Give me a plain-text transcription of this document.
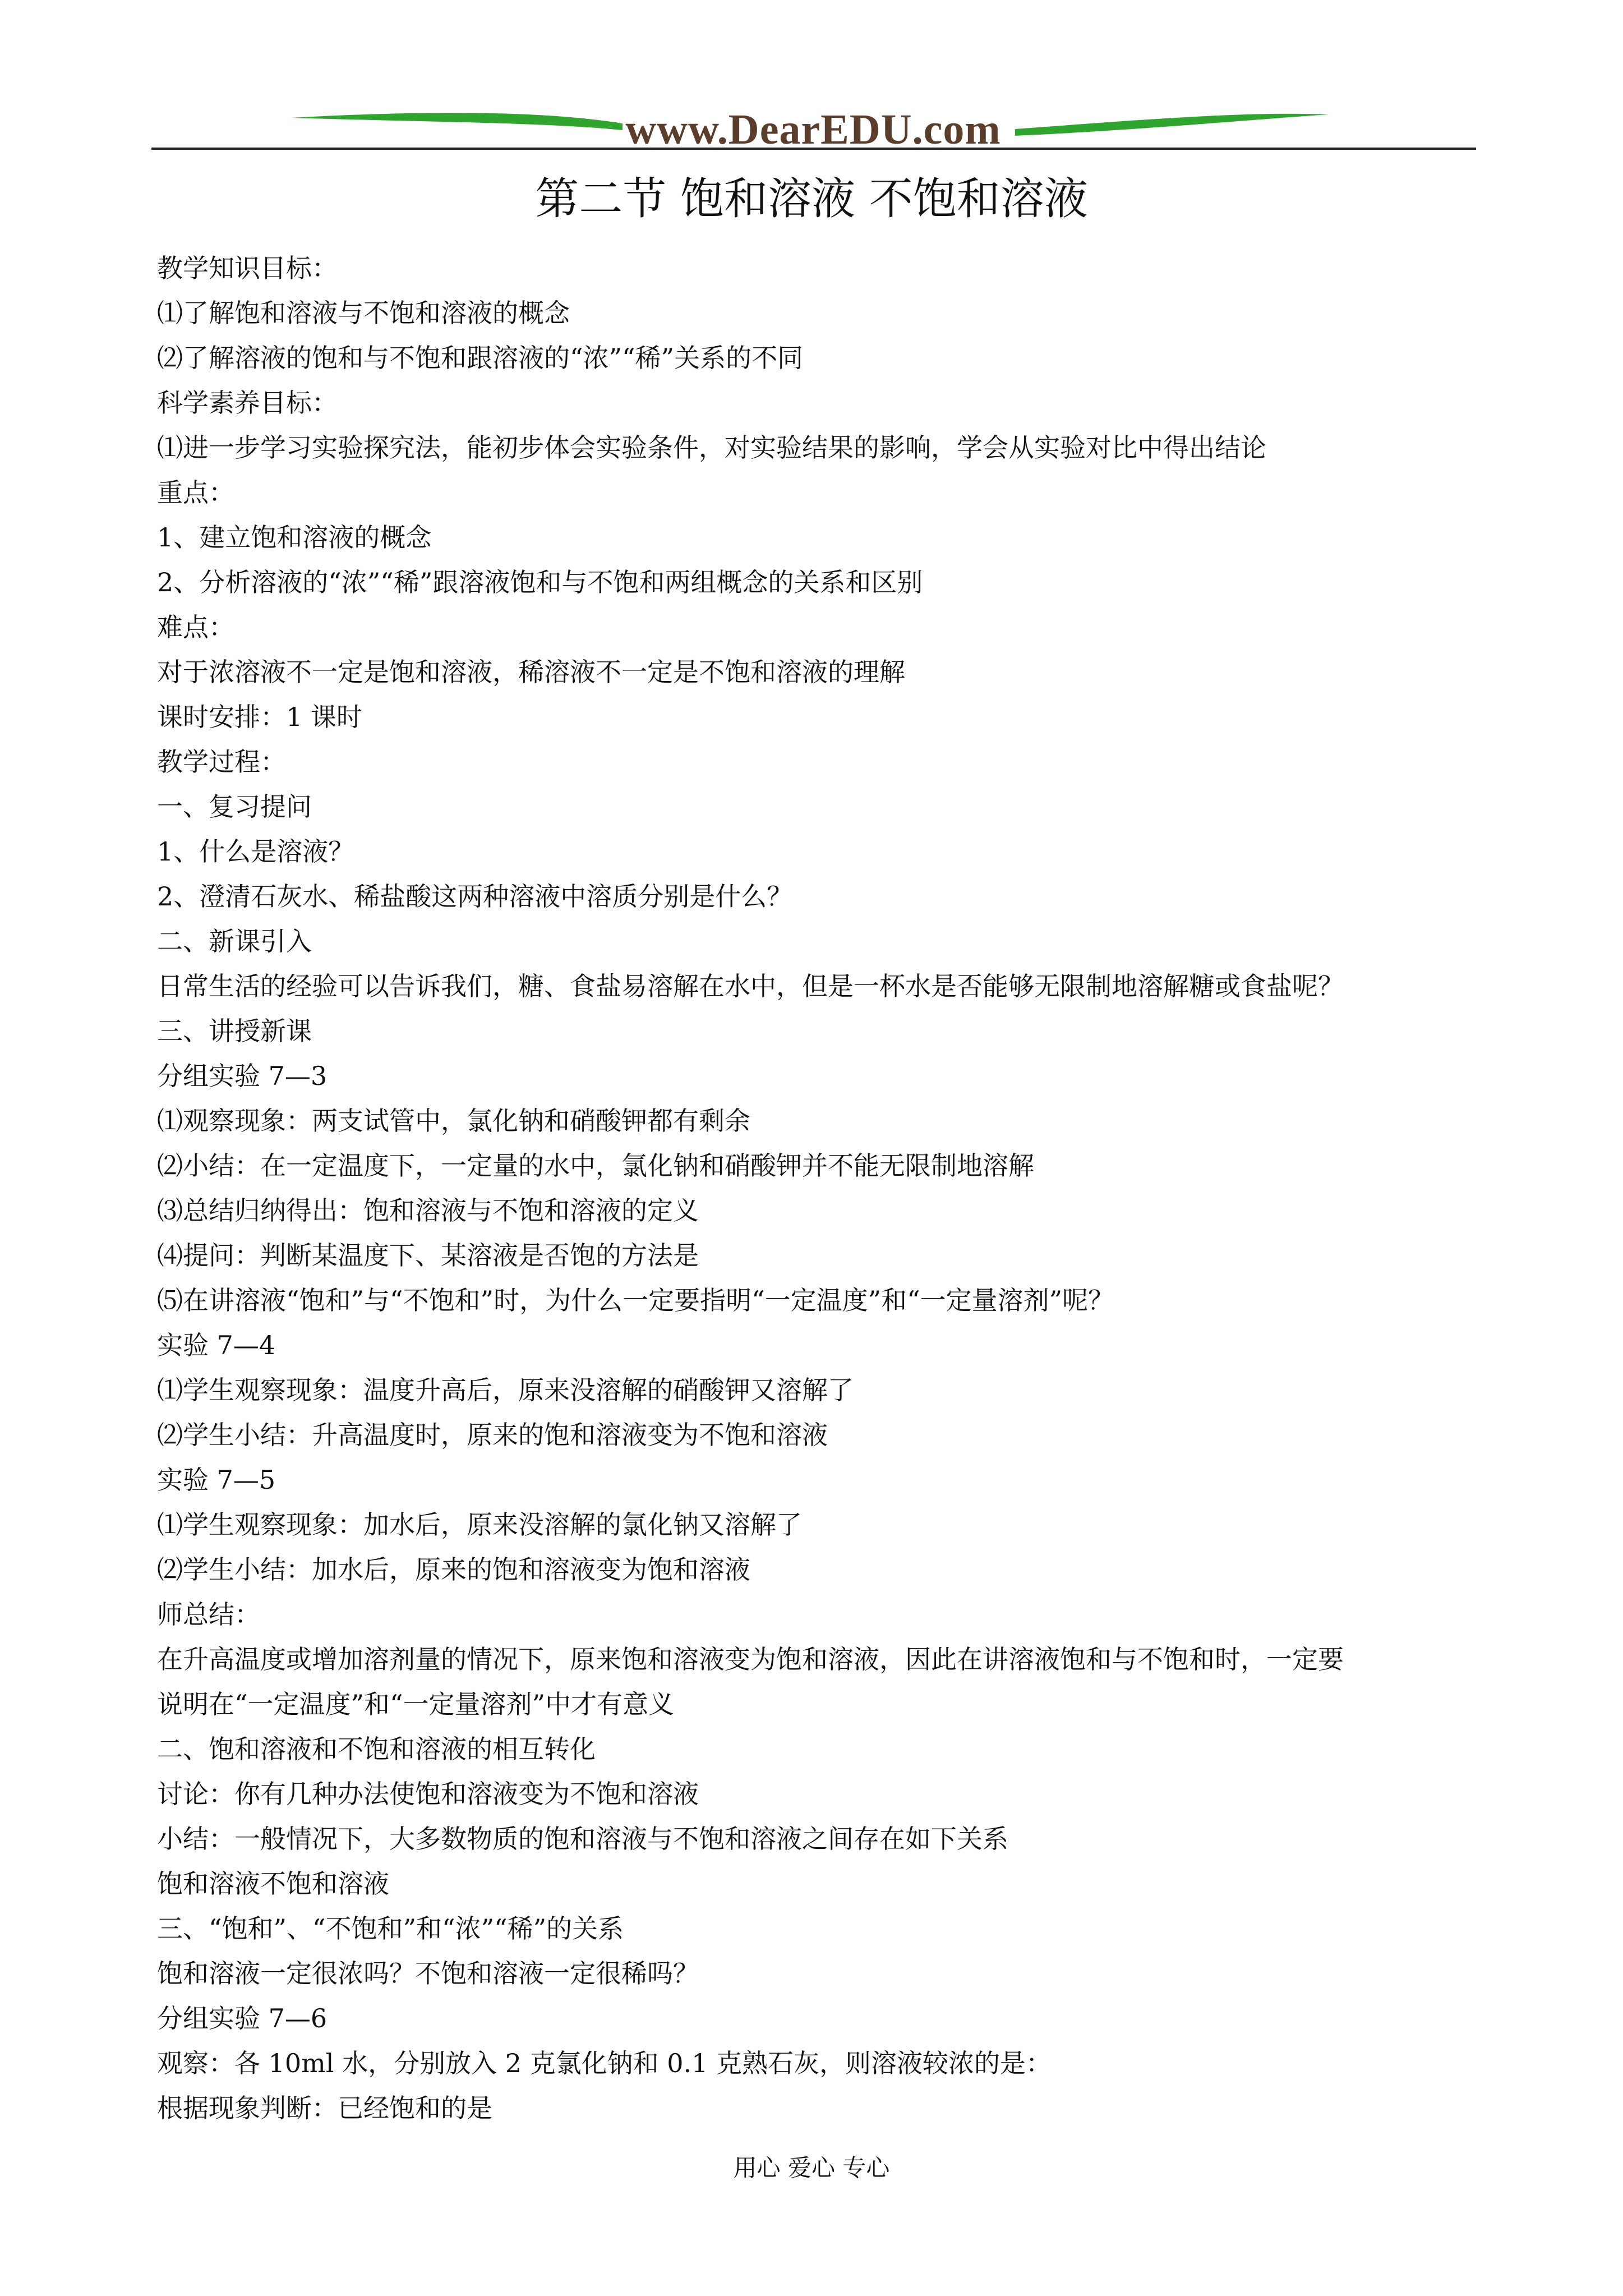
www.DearEDU.com
第二节 饱和溶液 不饱和溶液
教学知识目标：
⑴了解饱和溶液与不饱和溶液的概念
⑵了解溶液的饱和与不饱和跟溶液的“浓”“稀”关系的不同
科学素养目标：
⑴进一步学习实验探究法，能初步体会实验条件，对实验结果的影响，学会从实验对比中得出结论
重点：
1、建立饱和溶液的概念
2、分析溶液的“浓”“稀”跟溶液饱和与不饱和两组概念的关系和区别
难点：
对于浓溶液不一定是饱和溶液，稀溶液不一定是不饱和溶液的理解
课时安排：1 课时
教学过程：
一、复习提问
1、什么是溶液？
2、澄清石灰水、稀盐酸这两种溶液中溶质分别是什么？
二、新课引入
日常生活的经验可以告诉我们，糖、食盐易溶解在水中，但是一杯水是否能够无限制地溶解糖或食盐呢？
三、讲授新课
分组实验 7—3
⑴观察现象：两支试管中，氯化钠和硝酸钾都有剩余
⑵小结：在一定温度下，一定量的水中，氯化钠和硝酸钾并不能无限制地溶解
⑶总结归纳得出：饱和溶液与不饱和溶液的定义
⑷提问：判断某温度下、某溶液是否饱的方法是
⑸在讲溶液“饱和”与“不饱和”时，为什么一定要指明“一定温度”和“一定量溶剂”呢？
实验 7—4
⑴学生观察现象：温度升高后，原来没溶解的硝酸钾又溶解了
⑵学生小结：升高温度时，原来的饱和溶液变为不饱和溶液
实验 7—5
⑴学生观察现象：加水后，原来没溶解的氯化钠又溶解了
⑵学生小结：加水后，原来的饱和溶液变为饱和溶液
师总结：
在升高温度或增加溶剂量的情况下，原来饱和溶液变为饱和溶液，因此在讲溶液饱和与不饱和时，一定要
说明在“一定温度”和“一定量溶剂”中才有意义
二、饱和溶液和不饱和溶液的相互转化
讨论：你有几种办法使饱和溶液变为不饱和溶液
小结：一般情况下，大多数物质的饱和溶液与不饱和溶液之间存在如下关系
饱和溶液不饱和溶液
三、“饱和”、“不饱和”和“浓”“稀”的关系
饱和溶液一定很浓吗？不饱和溶液一定很稀吗？
分组实验 7—6
观察：各 10ml 水，分别放入 2 克氯化钠和 0.1 克熟石灰，则溶液较浓的是：
根据现象判断：已经饱和的是
用心 爱心 专心
